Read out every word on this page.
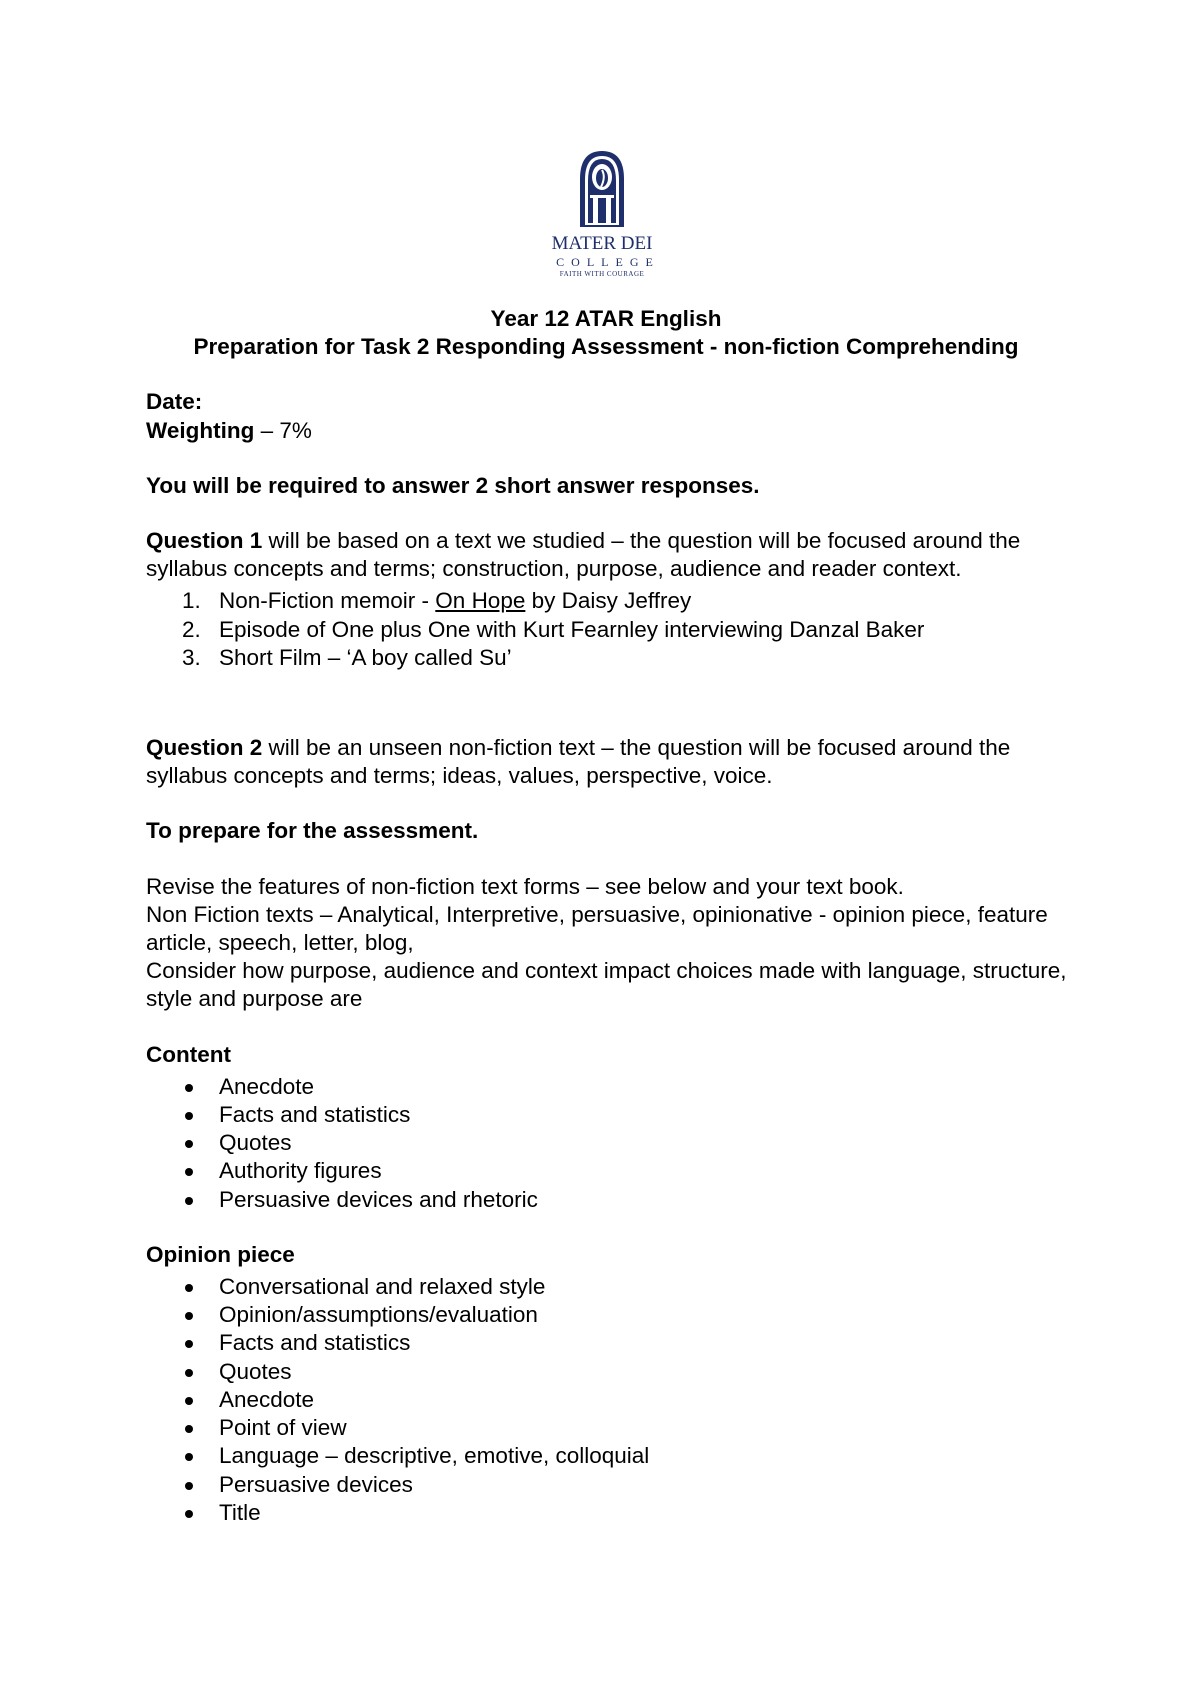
MATER DEI
COLLEGE
FAITH WITH COURAGE

Year 12 ATAR English

Preparation for Task 2 Responding Assessment - non-fiction Comprehending

Date:

Weighting – 7%

You will be required to answer 2 short answer responses.

Question 1 will be based on a text we studied – the question will be focused around the syllabus concepts and terms; construction, purpose, audience and reader context.

1. Non-Fiction memoir - On Hope by Daisy Jeffrey
2. Episode of One plus One with Kurt Fearnley interviewing Danzal Baker
3. Short Film – ‘A boy called Su’

Question 2 will be an unseen non-fiction text – the question will be focused around the syllabus concepts and terms; ideas, values, perspective, voice.

To prepare for the assessment.

Revise the features of non-fiction text forms – see below and your text book.

Non Fiction texts – Analytical, Interpretive, persuasive, opinionative - opinion piece, feature article, speech, letter, blog,

Consider how purpose, audience and context impact choices made with language, structure, style and purpose are

Content

Anecdote
Facts and statistics
Quotes
Authority figures
Persuasive devices and rhetoric

Opinion piece

Conversational and relaxed style
Opinion/assumptions/evaluation
Facts and statistics
Quotes
Anecdote
Point of view
Language – descriptive, emotive, colloquial
Persuasive devices
Title
